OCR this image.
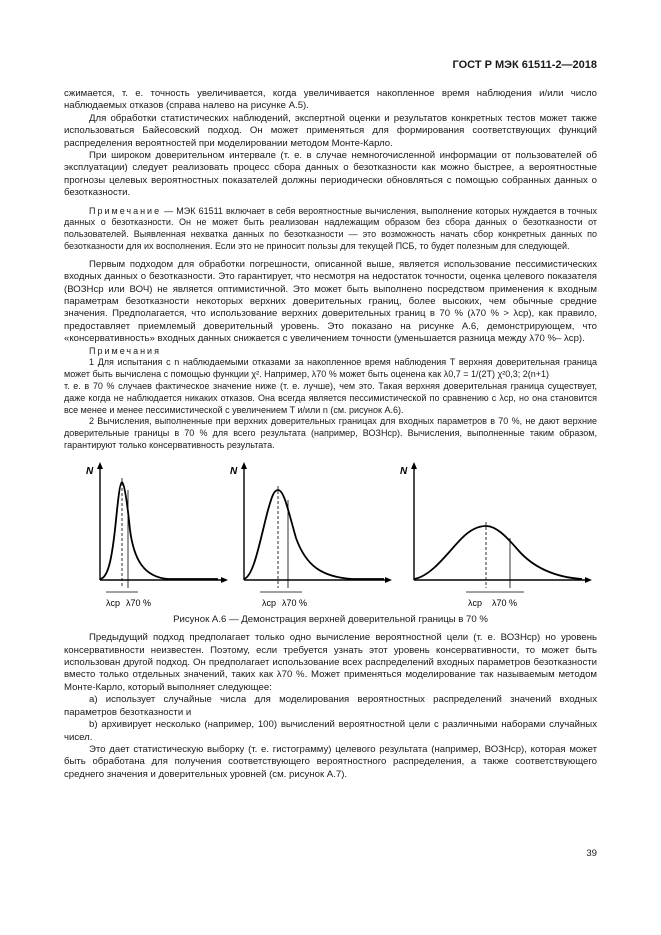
ГОСТ Р МЭК 61511-2—2018

сжимается, т. е. точность увеличивается, когда увеличивается накопленное время наблюдения и/или число наблюдаемых отказов (справа налево на рисунке А.5).

Для обработки статистических наблюдений, экспертной оценки и результатов конкретных тестов может также использоваться Байесовский подход. Он может применяться для формирования соответствующих функций распределения вероятностей при моделировании методом Монте-Карло.

При широком доверительном интервале (т. е. в случае немногочисленной информации от пользователей об эксплуатации) следует реализовать процесс сбора данных о безотказности как можно быстрее, а вероятностные прогнозы целевых вероятностных показателей должны периодически обновляться с помощью собранных данных о безотказности.

Примечание — МЭК 61511 включает в себя вероятностные вычисления, выполнение которых нуждается в точных данных о безотказности. Он не может быть реализован надлежащим образом без сбора данных о безотказности от пользователей. Выявленная нехватка данных по безотказности — это возможность начать сбор конкретных данных по безотказности для их восполнения. Если это не приносит пользы для текущей ПСБ, то будет полезным для следующей.

Первым подходом для обработки погрешности, описанной выше, является использование пессимистических входных данных о безотказности. Это гарантирует, что несмотря на недостаток точности, оценка целевого показателя (ВОЗНср или ВОЧ) не является оптимистичной. Это может быть выполнено посредством применения к входным параметрам безотказности некоторых верхних доверительных границ, более высоких, чем обычные средние значения. Предполагается, что использование верхних доверительных границ в 70 % (λ70 % > λср), как правило, предоставляет приемлемый доверительный уровень. Это показано на рисунке А.6, демонстрирующем, что «консервативность» входных данных снижается с увеличением точности (уменьшается разница между λ70 %– λср).

Примечания

1 Для испытания с n наблюдаемыми отказами за накопленное время наблюдения T верхняя доверительная граница может быть вычислена с помощью функции χ². Например, λ70 % может быть оценена как λ0,7 = 1/(2T) χ²0,3; 2(n+1)

т. е. в 70 % случаев фактическое значение ниже (т. е. лучше), чем это. Такая верхняя доверительная граница существует, даже когда не наблюдается никаких отказов. Она всегда является пессимистической по сравнению с λср, но она становится все менее и менее пессимистической с увеличением T и/или n (см. рисунок А.6).

2 Вычисления, выполненные при верхних доверительных границах для входных параметров в 70 %, не дают верхние доверительные границы в 70 % для всего результата (например, ВОЗНср). Вычисления, выполненные таким образом, гарантируют только консервативность результата.

N
λср λ70 %
N
λср λ70 %
N
λср λ70 %

Рисунок А.6 — Демонстрация верхней доверительной границы в 70 %

Предыдущий подход предполагает только одно вычисление вероятностной цели (т. е. ВОЗНср) но уровень консервативности неизвестен. Поэтому, если требуется узнать этот уровень консервативности, то может быть использован другой подход. Он предполагает использование всех распределений входных параметров безотказности вместо только отдельных значений, таких как λ70 %. Может применяться моделирование так называемым методом Монте-Карло, который выполняет следующее:

a) использует случайные числа для моделирования вероятностных распределений значений входных параметров безотказности и

b) архивирует несколько (например, 100) вычислений вероятностной цели с различными наборами случайных чисел.

Это дает статистическую выборку (т. е. гистограмму) целевого результата (например, ВОЗНср), которая может быть обработана для получения соответствующего вероятностного распределения, а также соответствующего среднего значения и доверительных уровней (см. рисунок А.7).

39
